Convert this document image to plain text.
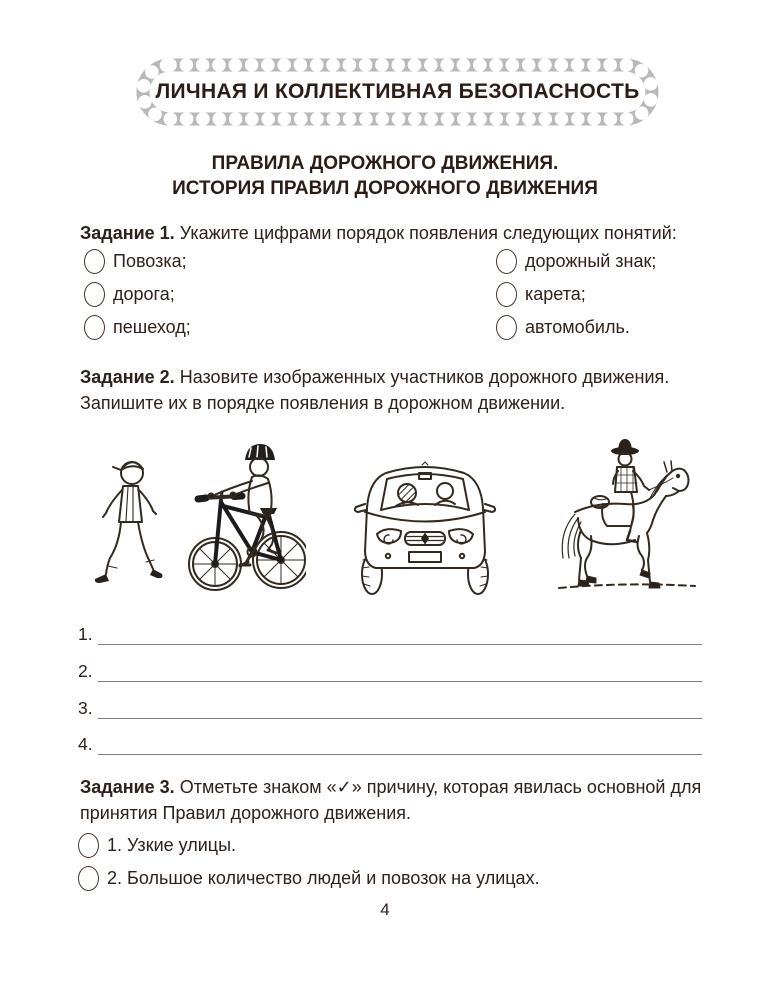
ЛИЧНАЯ И КОЛЛЕКТИВНАЯ БЕЗОПАСНОСТЬ
ПРАВИЛА ДОРОЖНОГО ДВИЖЕНИЯ.
ИСТОРИЯ ПРАВИЛ ДОРОЖНОГО ДВИЖЕНИЯ

Задание 1. Укажите цифрами порядок появления следующих понятий:

Повозка;
дорога;
пешеход;
дорожный знак;
карета;
автомобиль.

Задание 2. Назовите изображенных участников дорожного движения.
Запишите их в порядке появления в дорожном движении.

1.
2.
3.
4.

Задание 3. Отметьте знаком «✓» причину, которая явилась основной для
принятия Правил дорожного движения.

1. Узкие улицы.
2. Большое количество людей и повозок на улицах.
4
